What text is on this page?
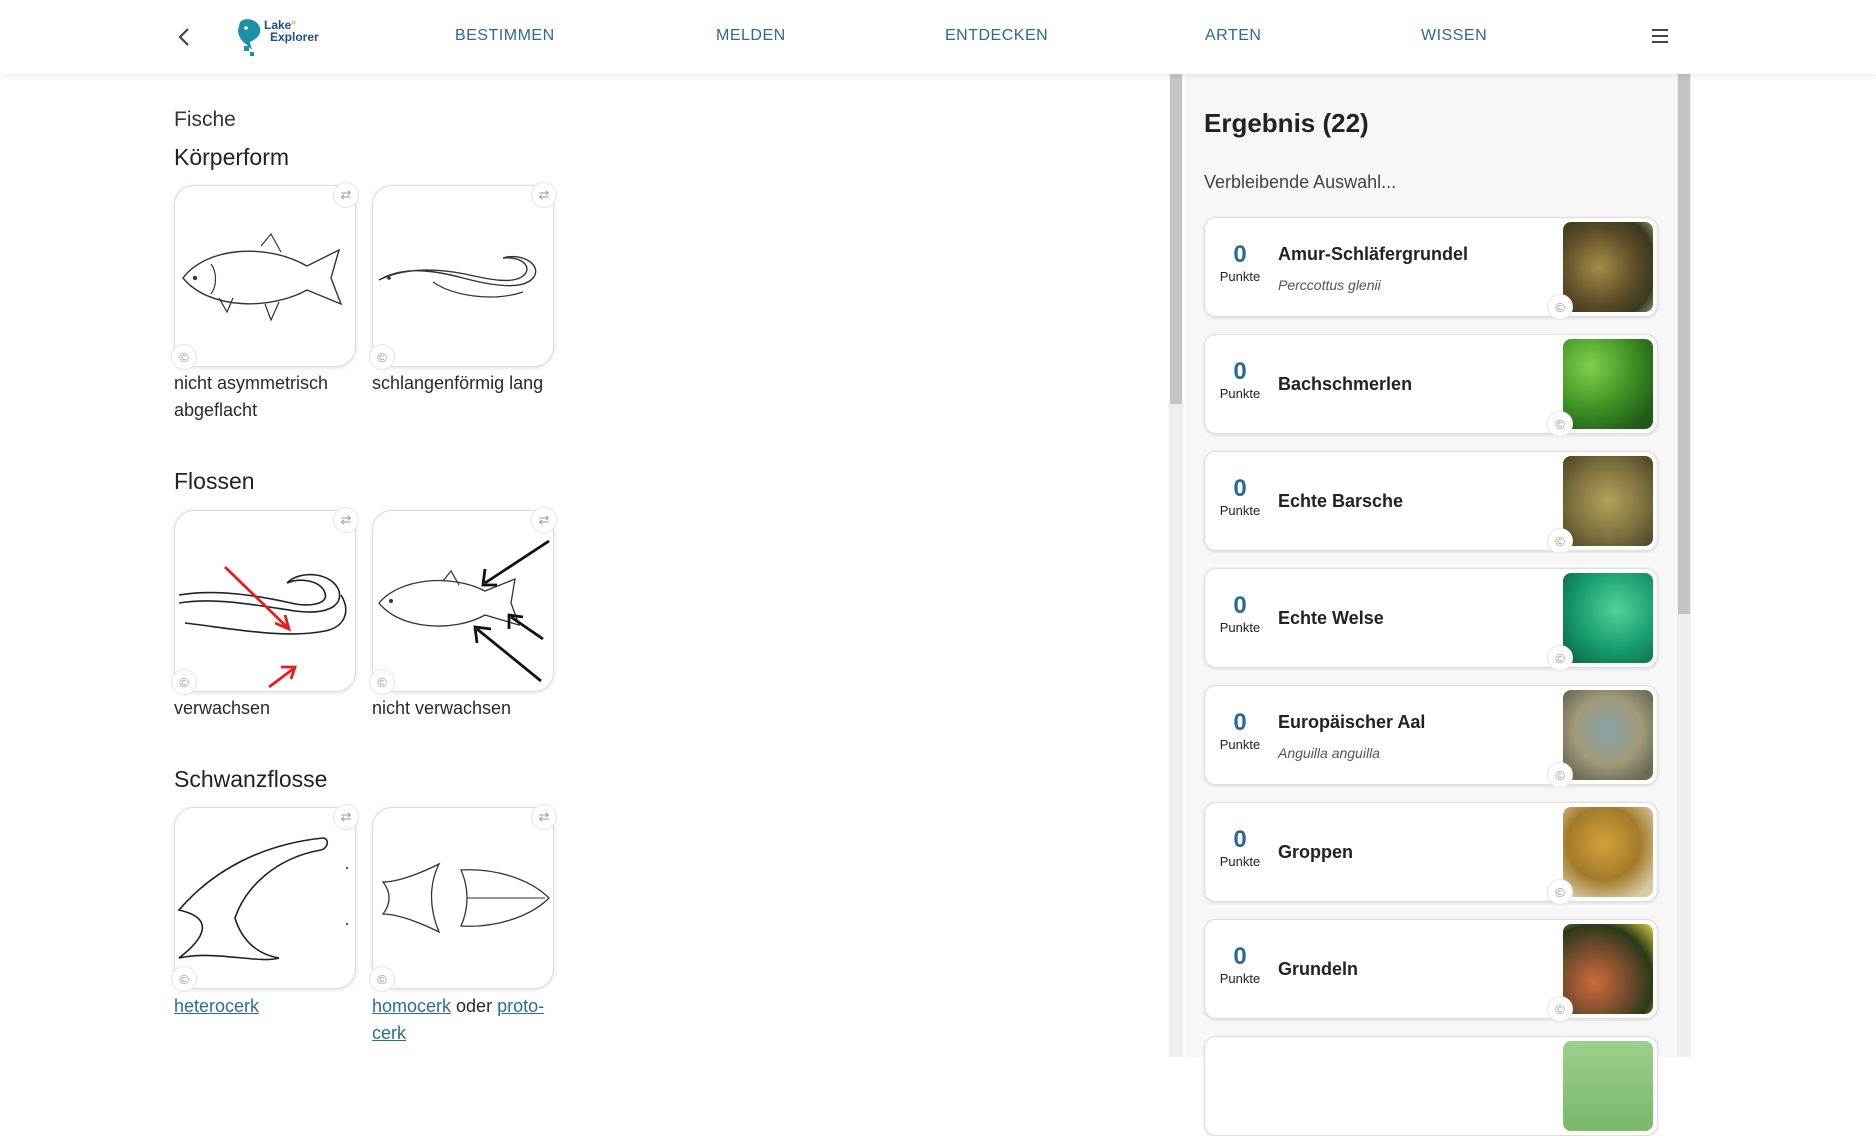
Lake°
Explorer	BESTIMMEN	MELDEN	ENTDECKEN	ARTEN	WISSEN
Fische
Körperform
⇄
©
⇄
©
nicht asymmetrisch abgeflacht
schlangenförmig lang
Flossen
⇄
©
⇄
©
verwachsen	nicht verwachsen
Schwanzflosse
⇄
©
⇄
©
heterocerk	homocerk oder proto-cerk
Ergebnis (22)
Verbleibende Auswahl...
0
Punkte
Amur-Schläfergrundel
Perccottus glenii
©
0
Punkte Bachschmerlen
©
0
Punkte Echte Barsche
©
0
Punkte Echte Welse
©
0
Punkte
Europäischer Aal
Anguilla anguilla
©
0
Punkte Groppen
©
0
Punkte Grundeln
©
